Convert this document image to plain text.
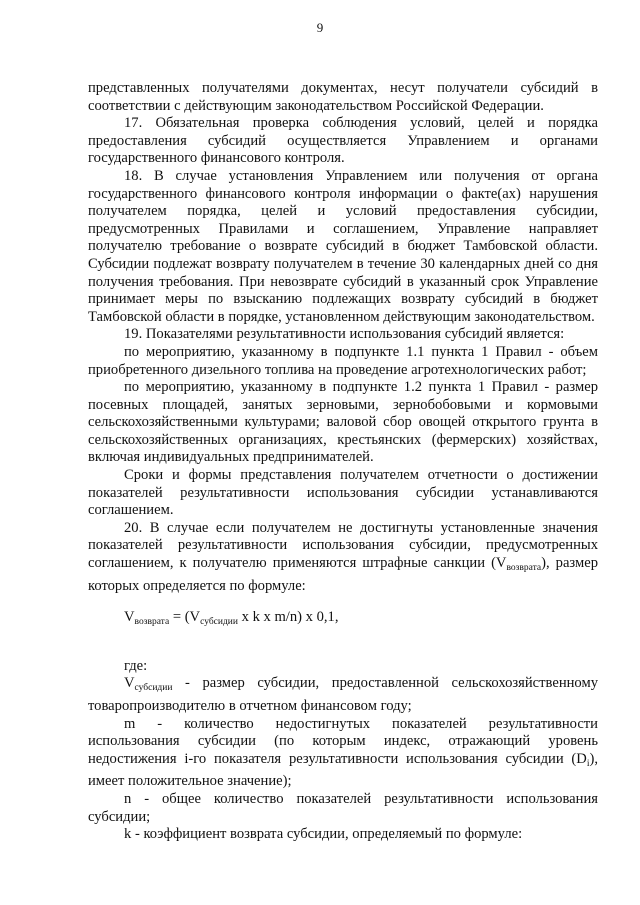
9

представленных получателями документах, несут получатели субсидий в соответствии с действующим законодательством Российской Федерации.

17. Обязательная проверка соблюдения условий, целей и порядка предоставления субсидий осуществляется Управлением и органами государственного финансового контроля.

18. В случае установления Управлением или получения от органа государственного финансового контроля информации о факте(ах) нарушения получателем порядка, целей и условий предоставления субсидии, предусмотренных Правилами и соглашением, Управление направляет получателю требование о возврате субсидий в бюджет Тамбовской области. Субсидии подлежат возврату получателем в течение 30 календарных дней со дня получения требования. При невозврате субсидий в указанный срок Управление принимает меры по взысканию подлежащих возврату субсидий в бюджет Тамбовской области в порядке, установленном действующим законодательством.

19. Показателями результативности использования субсидий является:

по мероприятию, указанному в подпункте 1.1 пункта 1 Правил - объем приобретенного дизельного топлива на проведение агротехнологических работ;

по мероприятию, указанному в подпункте 1.2 пункта 1 Правил - размер посевных площадей, занятых зерновыми, зернобобовыми и кормовыми сельскохозяйственными культурами; валовой сбор овощей открытого грунта в сельскохозяйственных организациях, крестьянских (фермерских) хозяйствах, включая индивидуальных предпринимателей.

Сроки и формы представления получателем отчетности о достижении показателей результативности использования субсидии устанавливаются соглашением.

20. В случае если получателем не достигнуты установленные значения показателей результативности использования субсидии, предусмотренных соглашением, к получателю применяются штрафные санкции $(V_{возврата})$, размер которых определяется по формуле:

$V_{возврата} = (V_{субсидии}$ x k x m/n) x 0,1,

где:

$V_{субсидии}$ - размер субсидии, предоставленной сельскохозяйственному товаропроизводителю в отчетном финансовом году;

m - количество недостигнутых показателей результативности использования субсидии (по которым индекс, отражающий уровень недостижения i-го показателя результативности использования субсидии $(D_i)$, имеет положительное значение);

n - общее количество показателей результативности использования субсидии;

k - коэффициент возврата субсидии, определяемый по формуле:
